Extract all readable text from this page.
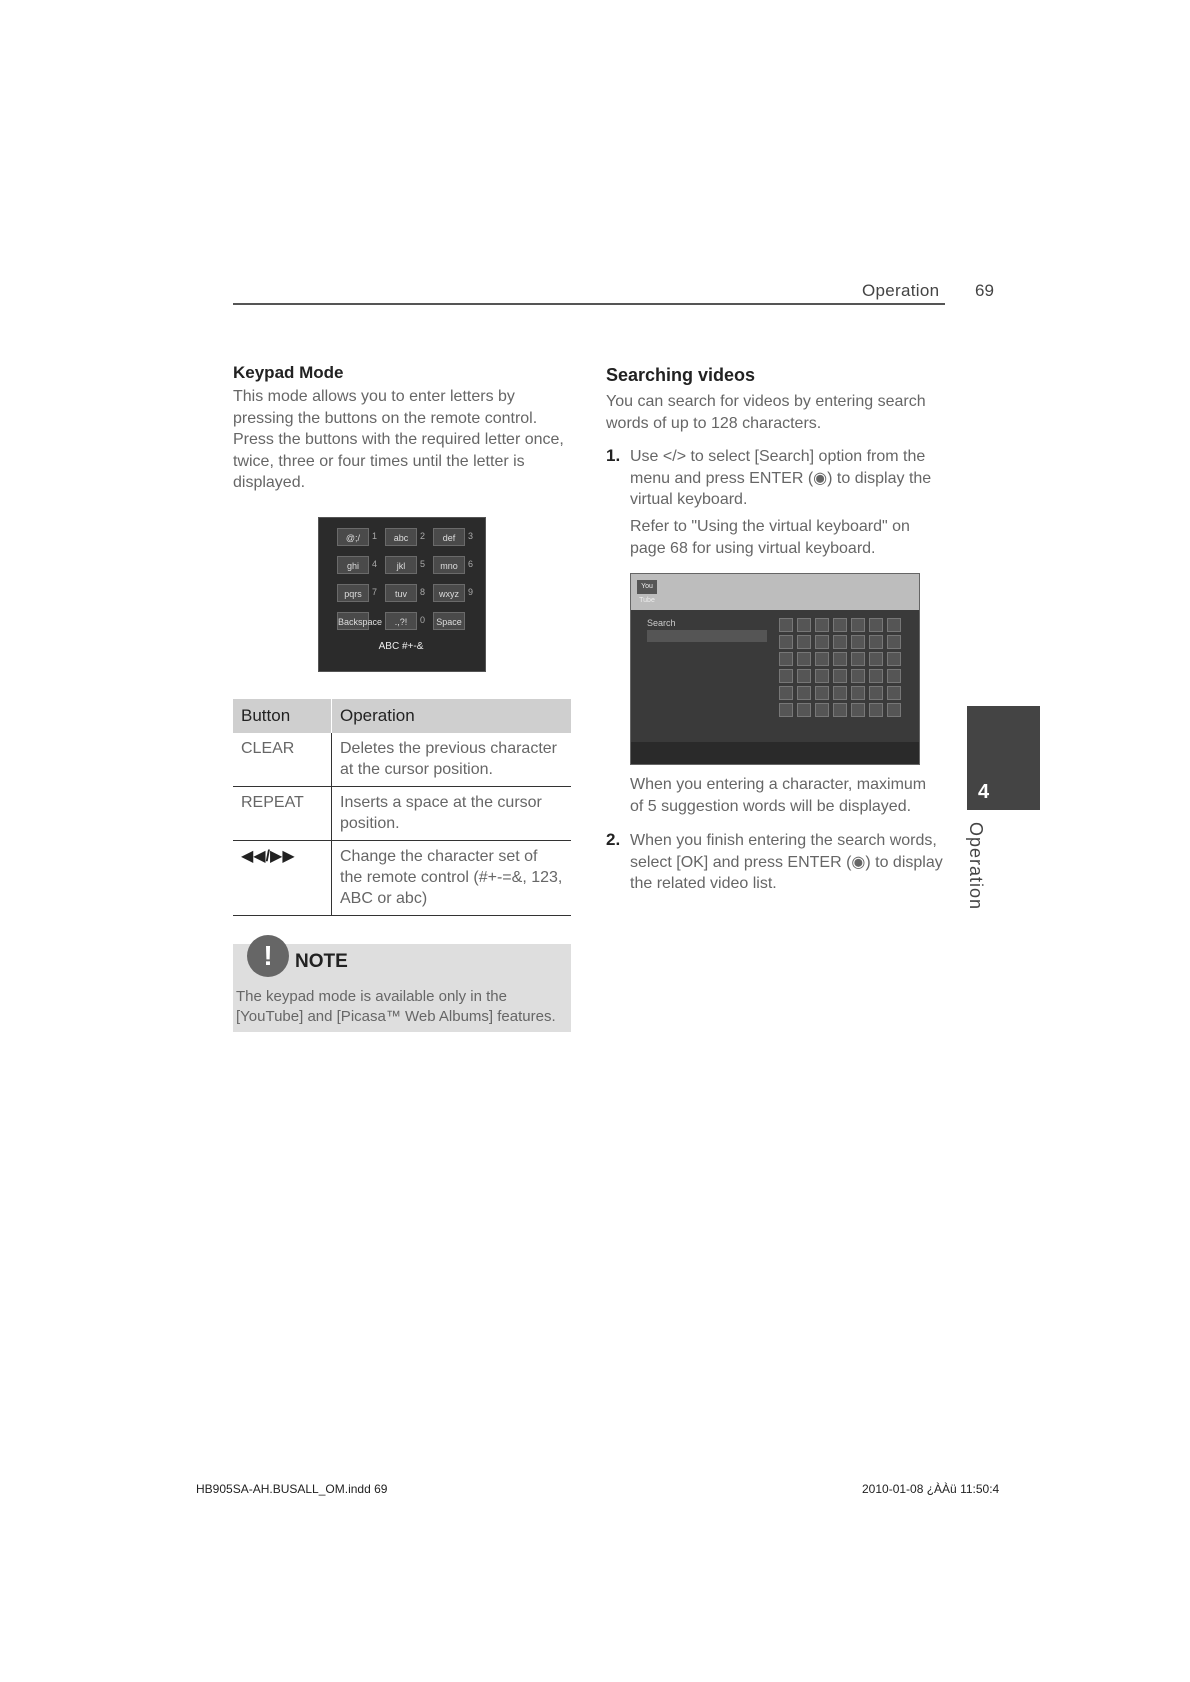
Operation 69
Keypad Mode

This mode allows you to enter letters by pressing the buttons on the remote control. Press the buttons with the required letter once, twice, three or four times until the letter is displayed.

@;/	1	abc	2	def	3
ghi	4	jkl	5	mno	6
pqrs	7	tuv	8	wxyz	9
Backspace	.,?!	0	Space
ABC #+-&
Button	Operation
CLEAR	Deletes the previous character at the cursor position.
REPEAT	Inserts a space at the cursor position.
◀◀/▶▶	Change the character set of the remote control (#+-=&, 123, ABC or abc)
!	NOTE
The keypad mode is available only in the [YouTube] and [Picasa™ Web Albums] features.
Searching videos

You can search for videos by entering search words of up to 128 characters.

1. Use </> to select [Search] option from the menu and press ENTER (◉) to display the virtual keyboard.

Refer to "Using the virtual keyboard" on page 68 for using virtual keyboard.

You Tube
Search

When you entering a character, maximum of 5 suggestion words will be displayed.

2. When you finish entering the search words, select [OK] and press ENTER (◉) to display the related video list.

4
Operation
HB905SA-AH.BUSALL_OM.indd 69	2010-01-08 ¿ÀÀü 11:50:4
